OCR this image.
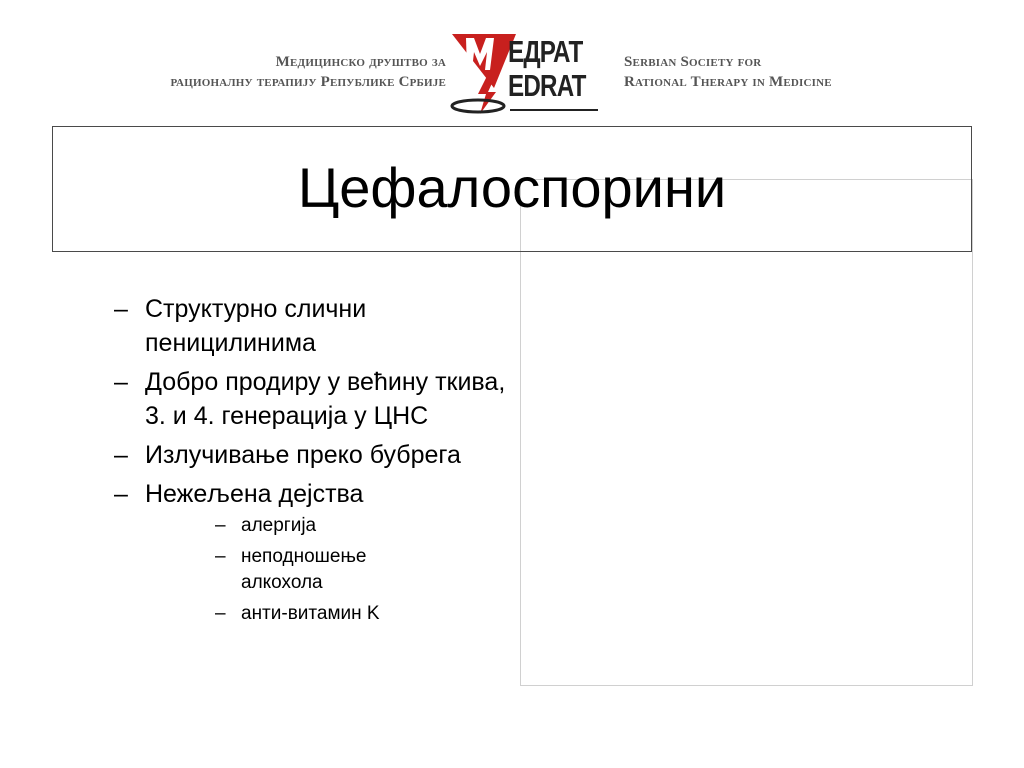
Медицинско друштво за
рационалну терапију Републике Србије
ЕДРАТ
EDRAT
Serbian Society for
Rational Therapy in Medicine
Цефалоспорини
– Структурно слични пеницилинима
– Добро продиру у већину ткива, 3. и 4. генерација у ЦНС
– Излучивање преко бубрега
– Нежељена дејства
– алергија
– неподношење алкохола
– анти-витамин K
